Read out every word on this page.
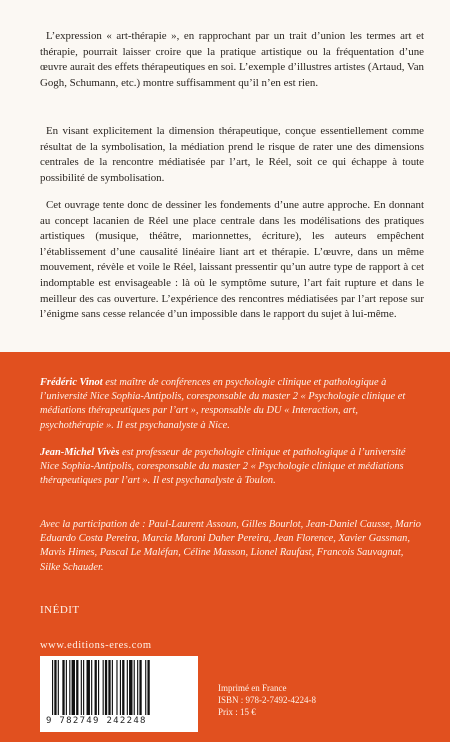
L’expression « art-thérapie », en rapprochant par un trait d’union les termes art et thérapie, pourrait laisser croire que la pratique artistique ou la fréquentation d’une œuvre aurait des effets thérapeutiques en soi. L’exemple d’illustres artistes (Artaud, Van Gogh, Schumann, etc.) montre suffisamment qu’il n’en est rien.

En visant explicitement la dimension thérapeutique, conçue essentiellement comme résultat de la symbolisation, la médiation prend le risque de rater une des dimensions centrales de la rencontre médiatisée par l’art, le Réel, soit ce qui échappe à toute possibilité de symbolisation.

Cet ouvrage tente donc de dessiner les fondements d’une autre approche. En donnant au concept lacanien de Réel une place centrale dans les modélisations des pratiques artistiques (musique, théâtre, marionnettes, écriture), les auteurs empêchent l’établissement d’une causalité linéaire liant art et thérapie. L’œuvre, dans un même mouvement, révèle et voile le Réel, laissant pressentir qu’un autre type de rapport à cet indomptable est envisageable : là où le symptôme suture, l’art fait rupture et dans le meilleur des cas ouverture. L’expérience des rencontres médiatisées par l’art repose sur l’énigme sans cesse relancée d’un impossible dans le rapport du sujet à lui-même.

Frédéric Vinot est maître de conférences en psychologie clinique et pathologique à l’université Nice Sophia-Antipolis, coresponsable du master 2 « Psychologie clinique et médiations thérapeutiques par l’art », responsable du DU « Interaction, art, psychothérapie ». Il est psychanalyste à Nice.

Jean-Michel Vivès est professeur de psychologie clinique et pathologique à l’université Nice Sophia-Antipolis, coresponsable du master 2 « Psychologie clinique et médiations thérapeutiques par l’art ». Il est psychanalyste à Toulon.

Avec la participation de : Paul-Laurent Assoun, Gilles Bourlot, Jean-Daniel Causse, Mario Eduardo Costa Pereira, Marcia Maroni Daher Pereira, Jean Florence, Xavier Gassman, Mavis Himes, Pascal Le Maléfan, Céline Masson, Lionel Raufast, Francois Sauvagnat, Silke Schauder.

INÉDIT
www.editions-eres.com
9 782749 242248
Imprimé en France
ISBN : 978-2-7492-4224-8
Prix : 15 €
